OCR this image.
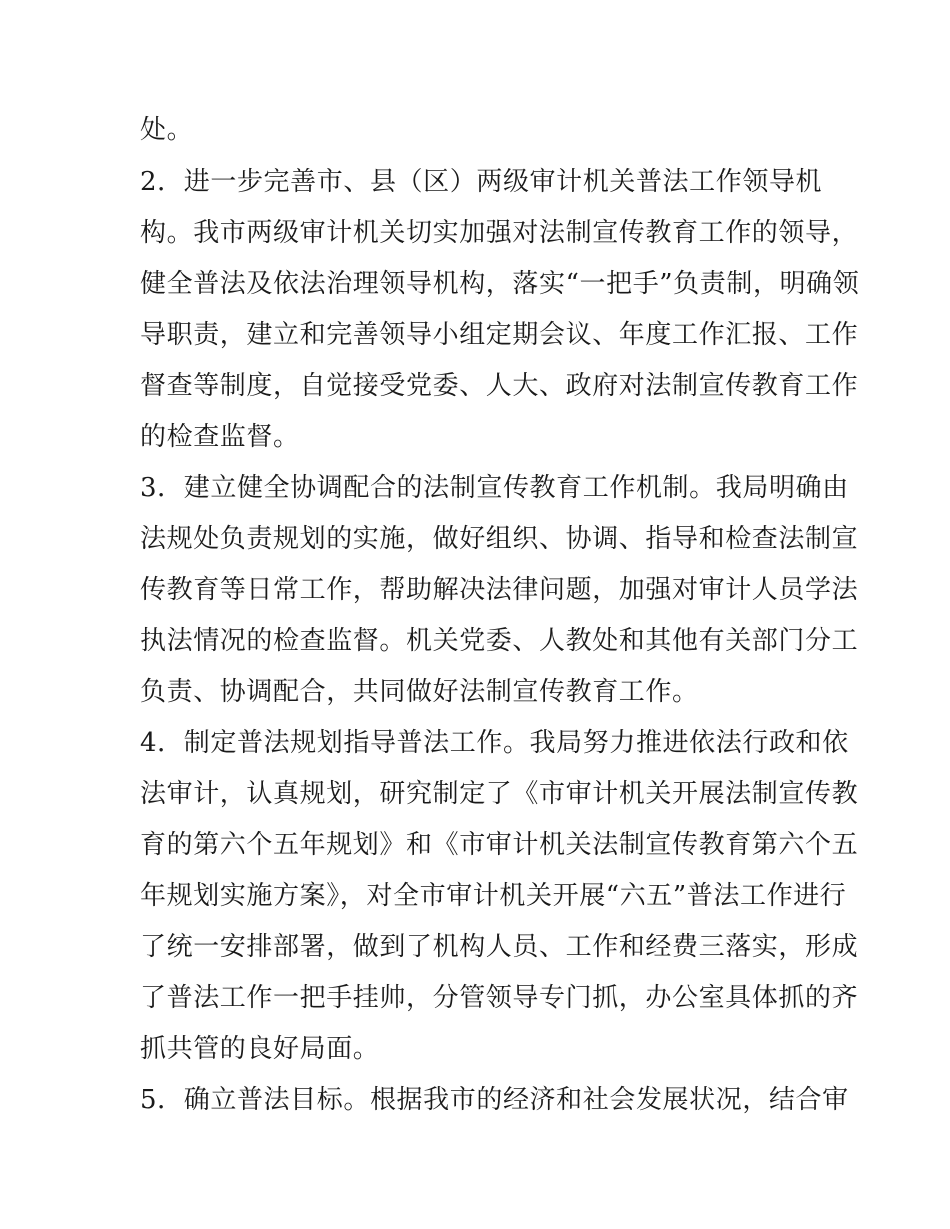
处。
2．进一步完善市、县（区）两级审计机关普法工作领导机
构。我市两级审计机关切实加强对法制宣传教育工作的领导，
健全普法及依法治理领导机构，落实“一把手”负责制，明确领
导职责，建立和完善领导小组定期会议、年度工作汇报、工作
督查等制度，自觉接受党委、人大、政府对法制宣传教育工作
的检查监督。
3．建立健全协调配合的法制宣传教育工作机制。我局明确由
法规处负责规划的实施，做好组织、协调、指导和检查法制宣
传教育等日常工作，帮助解决法律问题，加强对审计人员学法
执法情况的检查监督。机关党委、人教处和其他有关部门分工
负责、协调配合，共同做好法制宣传教育工作。
4．制定普法规划指导普法工作。我局努力推进依法行政和依
法审计，认真规划，研究制定了《市审计机关开展法制宣传教
育的第六个五年规划》和《市审计机关法制宣传教育第六个五
年规划实施方案》，对全市审计机关开展“六五”普法工作进行
了统一安排部署，做到了机构人员、工作和经费三落实，形成
了普法工作一把手挂帅，分管领导专门抓，办公室具体抓的齐
抓共管的良好局面。
5．确立普法目标。根据我市的经济和社会发展状况，结合审
